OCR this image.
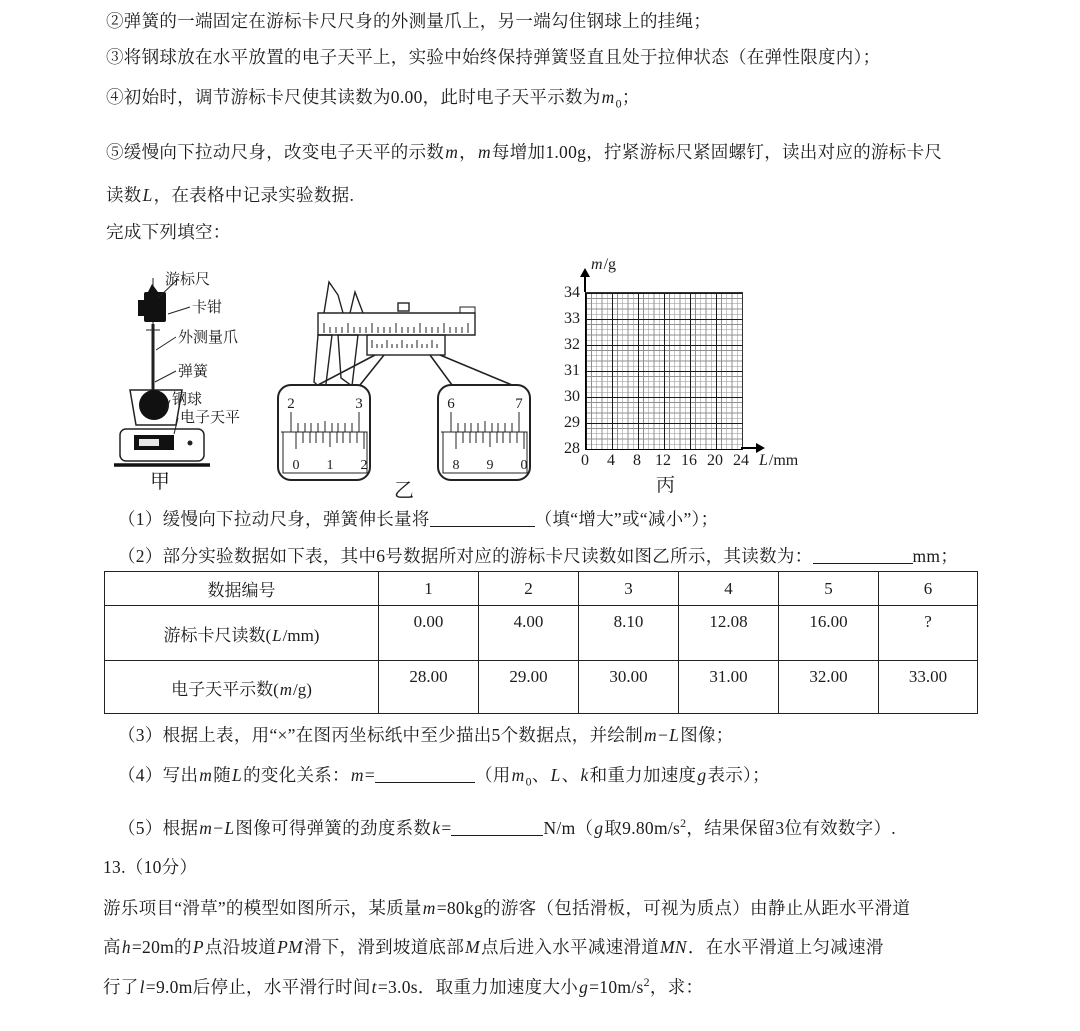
②弹簧的一端固定在游标卡尺尺身的外测量爪上，另一端勾住钢球上的挂绳；
③将钢球放在水平放置的电子天平上，实验中始终保持弹簧竖直且处于拉伸状态（在弹性限度内）；
④初始时，调节游标卡尺使其读数为0.00，此时电子天平示数为$m_0$；
⑤缓慢向下拉动尺身，改变电子天平的示数m，m每增加1.00g，拧紧游标尺紧固螺钉，读出对应的游标卡尺
读数L，在表格中记录实验数据.
完成下列填空：
游标尺
卡钳
外测量爪
弹簧
钢球
电子天平
甲
2	3
0 1 2
6	7
8 9 0
乙
m/g
34
33
32
31
30
29
28
0	4	8 12 16 20 24 L/mm
丙
（1）缓慢向下拉动尺身，弹簧伸长量将	（填“增大”或“减小”）；
（2）部分实验数据如下表，其中6号数据所对应的游标卡尺读数如图乙所示，其读数为：	mm；
数据编号	1	2	3	4	5	6
游标卡尺读数(L/mm)	0.00	4.00	8.10	12.08	16.00	?
电子天平示数(m/g)	28.00	29.00	30.00	31.00	32.00	33.00
（3）根据上表，用“×”在图丙坐标纸中至少描出5个数据点，并绘制m−L图像；
（4）写出m随L的变化关系：m=	（用$m_0$、L、k和重力加速度g表示）；
（5）根据m−L图像可得弹簧的劲度系数k=	N/m（g取$9.80m/s^2$，结果保留3位有效数字）.
13.（10分）
游乐项目“滑草”的模型如图所示，某质量m=80kg的游客（包括滑板，可视为质点）由静止从距水平滑道
高h=20m的P点沿坡道PM滑下，滑到坡道底部M点后进入水平减速滑道MN．在水平滑道上匀减速滑
行了l=9.0m后停止，水平滑行时间t=3.0s．取重力加速度大小$g=10m/s^2$，求：
